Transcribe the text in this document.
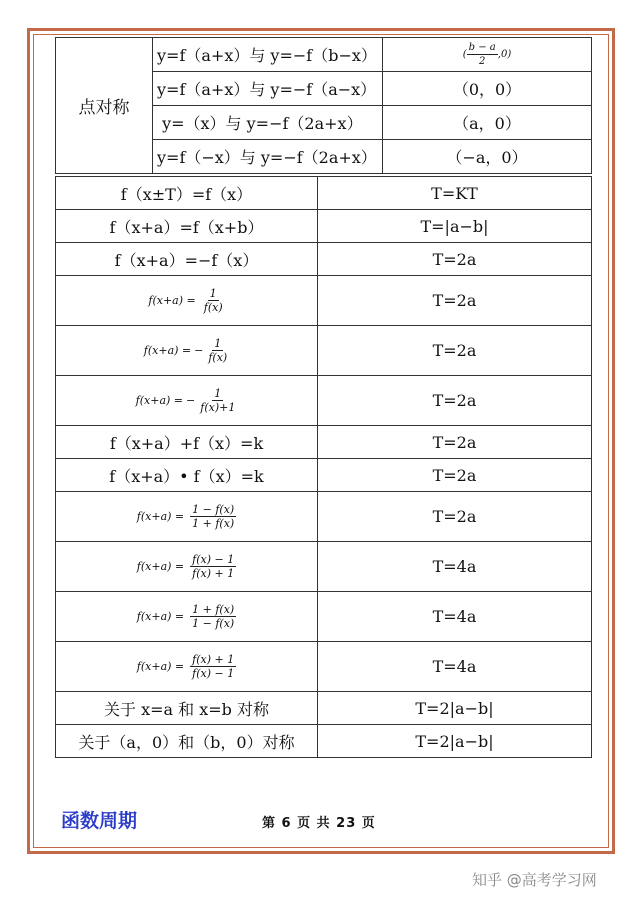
点对称	y=f（a+x）与 y=−f（b−x）	( $\frac{b - a}{2} ,0$)

	y=f（a+x）与 y=−f（a−x）	（0，0）
	y=（x）与 y=−f（2a+x）	（a，0）
	y=f（−x）与 y=−f（2a+x）	（−a，0）
f（x±T）=f（x）	T=KT
f（x+a）=f（x+b）	T=|a−b|
f（x+a）=−f（x）	T=2a

$f(x+a) = \frac{1}{f(x)}$	T=2a

f(x+a) = − $\frac{1}{f(x)}$	T=2a

f(x+a) = − $\frac{1}{f(x)+1}$	T=2a
f（x+a）+f（x）=k	T=2a
f（x+a）• f（x）=k	T=2a

$f(x+a) = \frac{1 - f(x)}{1 + f(x)}$	T=2a

$f(x+a) = \frac{f(x) - 1}{f(x) + 1}$	T=4a

$f(x+a) = \frac{1 + f(x)}{1 - f(x)}$	T=4a

$f(x+a) = \frac{f(x) + 1}{f(x) - 1}$	T=4a
关于 x=a 和 x=b 对称	T=2|a−b|
关于（a，0）和（b，0）对称	T=2|a−b|
函数周期	第 6 页 共 23 页
知乎 @高考学习网
